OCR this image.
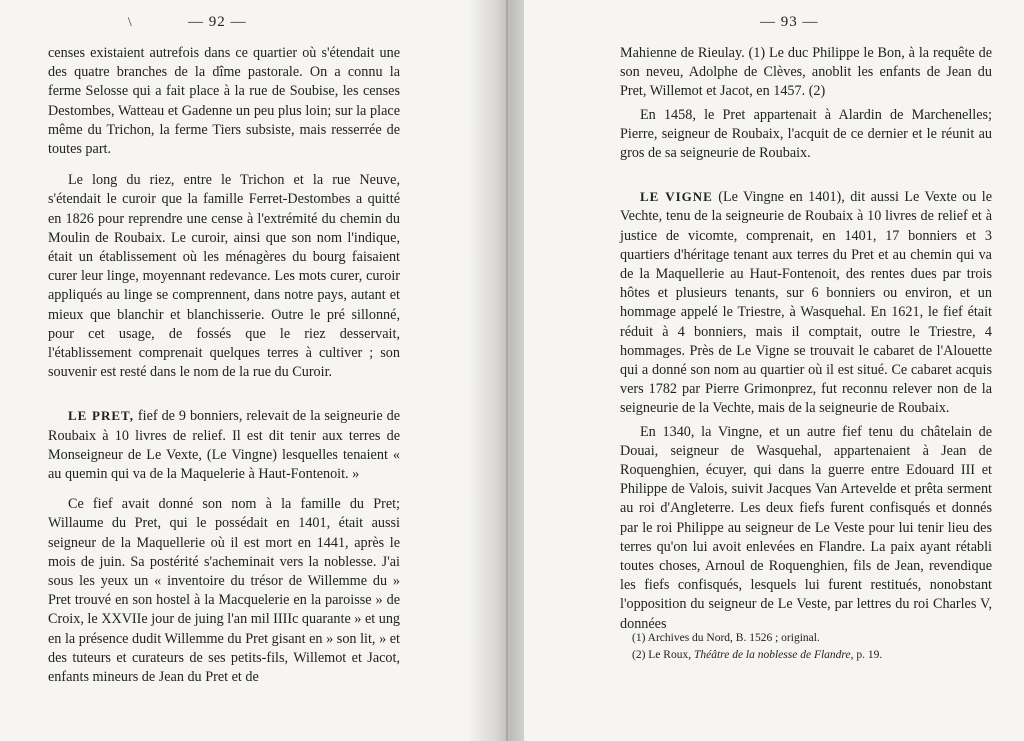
\	— 92 —

censes existaient autrefois dans ce quartier où s'étendait une des quatre branches de la dîme pastorale. On a connu la ferme Selosse qui a fait place à la rue de Soubise, les censes Destombes, Watteau et Gadenne un peu plus loin; sur la place même du Trichon, la ferme Tiers subsiste, mais resserrée de toutes part.

Le long du riez, entre le Trichon et la rue Neuve, s'étendait le curoir que la famille Ferret-Destombes a quitté en 1826 pour reprendre une cense à l'extrémité du chemin du Moulin de Roubaix. Le curoir, ainsi que son nom l'indique, était un établissement où les ménagères du bourg faisaient curer leur linge, moyennant redevance. Les mots curer, curoir appliqués au linge se comprennent, dans notre pays, autant et mieux que blanchir et blanchisserie. Outre le pré sillonné, pour cet usage, de fossés que le riez desservait, l'établissement comprenait quelques terres à cultiver ; son souvenir est resté dans le nom de la rue du Curoir.

LE PRET, fief de 9 bonniers, relevait de la seigneurie de Roubaix à 10 livres de relief. Il est dit tenir aux terres de Monseigneur de Le Vexte, (Le Vingne) lesquelles tenaient « au quemin qui va de la Maquelerie à Haut-Fontenoit. »

Ce fief avait donné son nom à la famille du Pret; Willaume du Pret, qui le possédait en 1401, était aussi seigneur de la Maquellerie où il est mort en 1441, après le mois de juin. Sa postérité s'acheminait vers la noblesse. J'ai sous les yeux un « inventoire du trésor de Willemme du » Pret trouvé en son hostel à la Macquelerie en la paroisse » de Croix, le XXVIIe jour de juing l'an mil IIIIc quarante » et ung en la présence dudit Willemme du Pret gisant en » son lit, » et des tuteurs et curateurs de ses petits-fils, Willemot et Jacot, enfants mineurs de Jean du Pret et de

— 93 —

Mahienne de Rieulay. (1) Le duc Philippe le Bon, à la requête de son neveu, Adolphe de Clèves, anoblit les enfants de Jean du Pret, Willemot et Jacot, en 1457. (2)

En 1458, le Pret appartenait à Alardin de Marchenelles; Pierre, seigneur de Roubaix, l'acquit de ce dernier et le réunit au gros de sa seigneurie de Roubaix.

LE VIGNE (Le Vingne en 1401), dit aussi Le Vexte ou le Vechte, tenu de la seigneurie de Roubaix à 10 livres de relief et à justice de vicomte, comprenait, en 1401, 17 bonniers et 3 quartiers d'héritage tenant aux terres du Pret et au chemin qui va de la Maquellerie au Haut-Fontenoit, des rentes dues par trois hôtes et plusieurs tenants, sur 6 bonniers ou environ, et un hommage appelé le Triestre, à Wasquehal. En 1621, le fief était réduit à 4 bonniers, mais il comptait, outre le Triestre, 4 hommages. Près de Le Vigne se trouvait le cabaret de l'Alouette qui a donné son nom au quartier où il est situé. Ce cabaret acquis vers 1782 par Pierre Grimonprez, fut reconnu relever non de la seigneurie de la Vechte, mais de la seigneurie de Roubaix.

En 1340, la Vingne, et un autre fief tenu du châtelain de Douai, seigneur de Wasquehal, appartenaient à Jean de Roquenghien, écuyer, qui dans la guerre entre Edouard III et Philippe de Valois, suivit Jacques Van Artevelde et prêta serment au roi d'Angleterre. Les deux fiefs furent confisqués et donnés par le roi Philippe au seigneur de Le Veste pour lui tenir lieu des terres qu'on lui avoit enlevées en Flandre. La paix ayant rétabli toutes choses, Arnoul de Roquenghien, fils de Jean, revendique les fiefs confisqués, lesquels lui furent restitués, nonobstant l'opposition du seigneur de Le Veste, par lettres du roi Charles V, données

(1) Archives du Nord, B. 1526 ; original.
(2) Le Roux, Théâtre de la noblesse de Flandre, p. 19.
